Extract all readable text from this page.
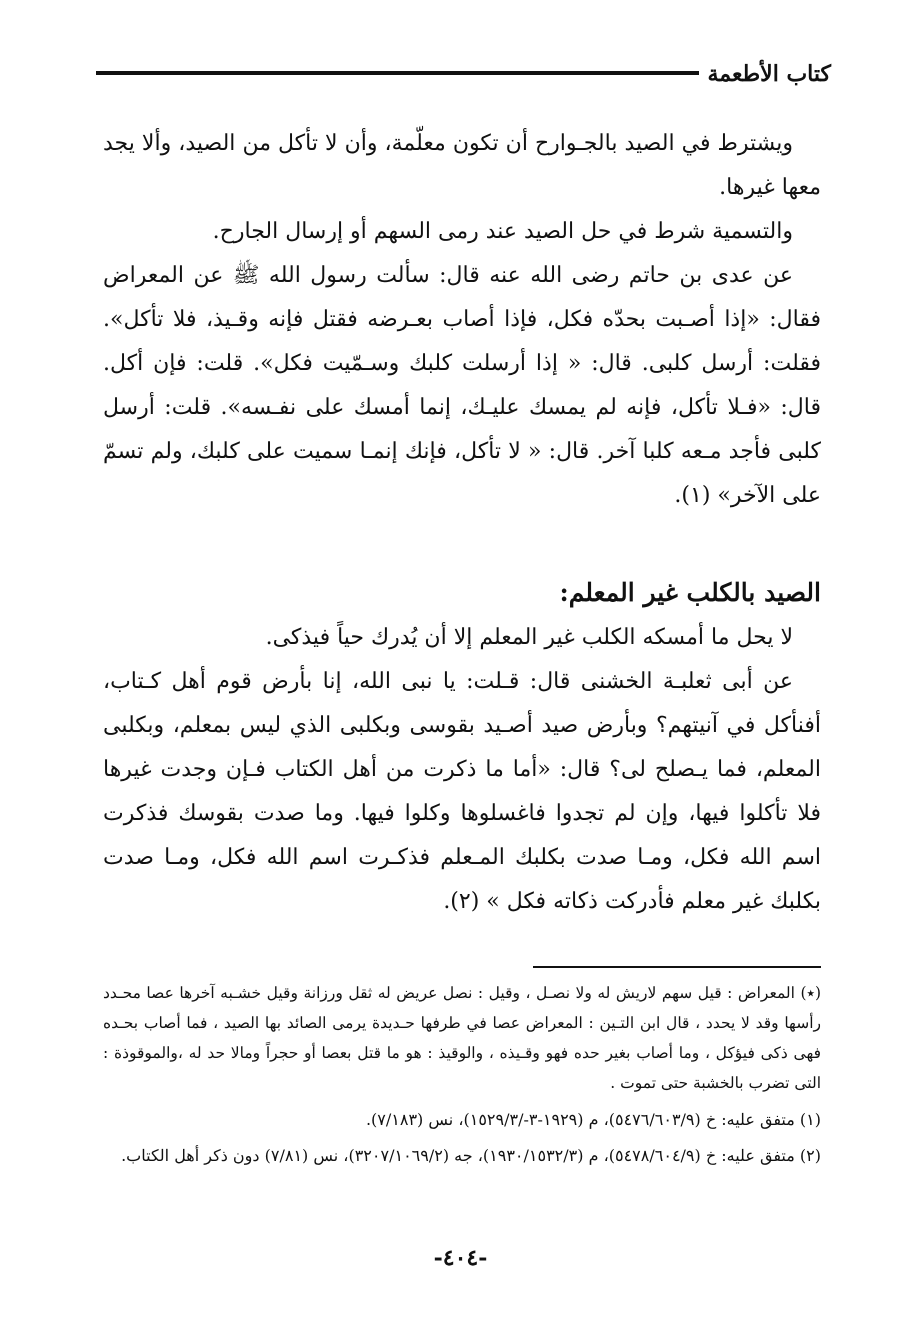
كتاب الأطعمة

ويشترط في الصيد بالجـوارح أن تكون معلّمة، وأن لا تأكل من الصيد، وألا يجد معها غيرها.

والتسمية شرط في حل الصيد عند رمى السهم أو إرسال الجارح.

عن عدى بن حاتم رضى الله عنه قال: سألت رسول الله ﷺ عن المعراض فقال: «إذا أصـبت بحدّه فكل، فإذا أصاب بعـرضه فقتل فإنه وقـيذ، فلا تأكل». فقلت: أرسل كلبى. قال: « إذا أرسلت كلبك وسـمّيت فكل». قلت: فإن أكل. قال: «فـلا تأكل، فإنه لم يمسك عليـك، إنما أمسك على نفـسه». قلت: أرسل كلبى فأجد مـعه كلبا آخر. قال: « لا تأكل، فإنك إنمـا سميت على كلبك، ولم تسمّ على الآخر» (١).

الصيد بالكلب غير المعلم:

لا يحل ما أمسكه الكلب غير المعلم إلا أن يُدرك حياً فيذكى.

عن أبى ثعلبـة الخشنى قال: قـلت: يا نبى الله، إنا بأرض قوم أهل كـتاب، أفنأكل في آنيتهم؟ وبأرض صيد أصـيد بقوسى وبكلبى الذي ليس بمعلم، وبكلبى المعلم، فما يـصلح لى؟ قال: «أما ما ذكرت من أهل الكتاب فـإن وجدت غيرها فلا تأكلوا فيها، وإن لم تجدوا فاغسلوها وكلوا فيها. وما صدت بقوسك فذكرت اسم الله فكل، ومـا صدت بكلبك المـعلم فذكـرت اسم الله فكل، ومـا صدت بكلبك غير معلم فأدركت ذكاته فكل » (٢).

(٭) المعراض : قيل سهم لاريش له ولا نصـل ، وقيل : نصل عريض له ثقل ورزانة وقيل خشـبه آخرها عصا محـدد رأسها وقد لا يحدد ، قال ابن التـين : المعراض عصا في طرفها حـديدة يرمى الصائد بها الصيد ، فما أصاب بحـده فهى ذكى فيؤكل ، وما أصاب بغير حده فهو وقـيذه ، والوقيذ : هو ما قتل بعصا أو حجراً ومالا حد له ،والموقوذة : التى تضرب بالخشبة حتى تموت .

(١) متفق عليه: خ (٥٤٧٦/٦٠٣/٩)، م (١٩٢٩-٣-/١٥٢٩/٣)، نس (٧/١٨٣).

(٢) متفق عليه: خ (٥٤٧٨/٦٠٤/٩)، م (١٩٣٠/١٥٣٢/٣)، جه (٣٢٠٧/١٠٦٩/٢)، نس (٧/٨١) دون ذكر أهل الكتاب.

-٤٠٤-
